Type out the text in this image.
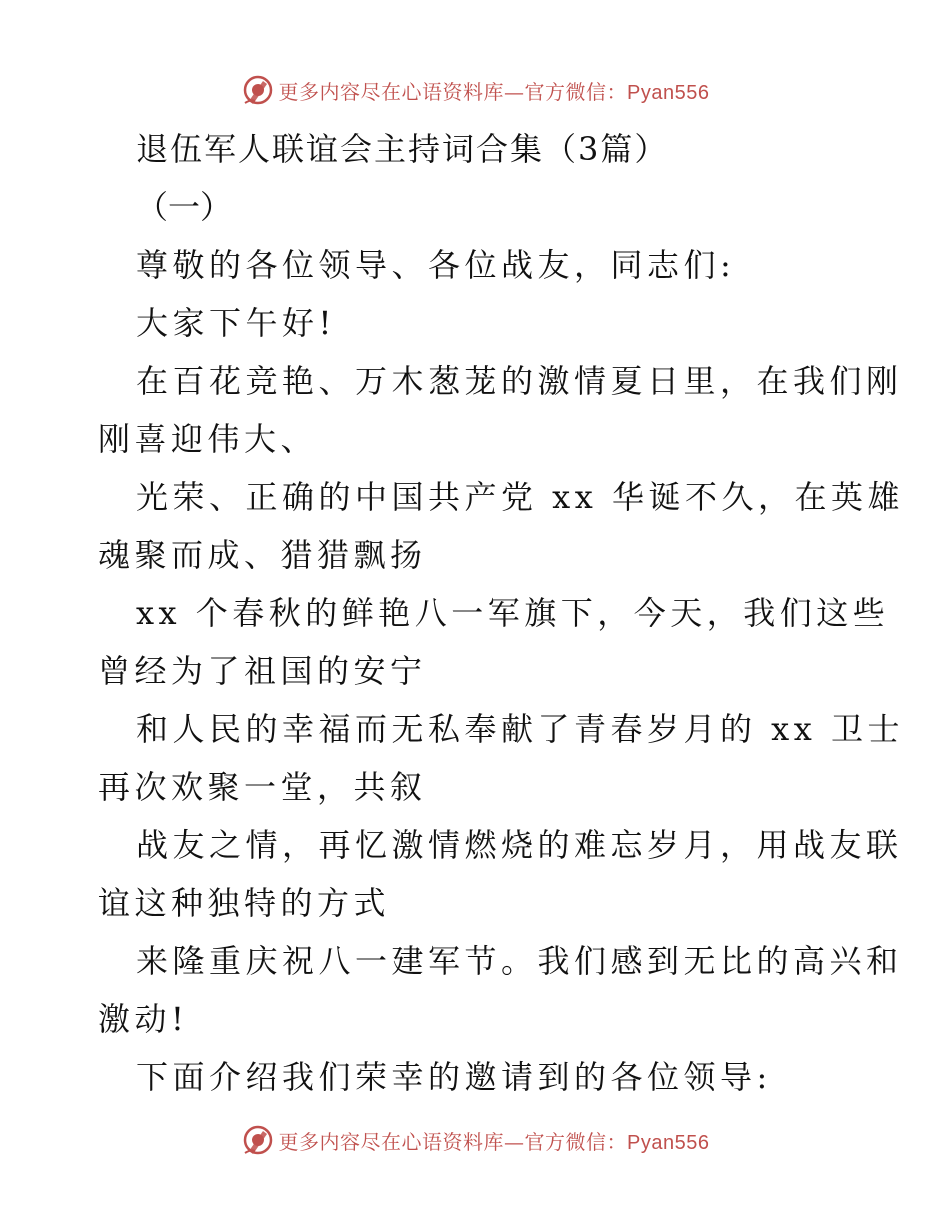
更多内容尽在心语资料库—官方微信：Pyan556

退伍军人联谊会主持词合集（3篇）

（一）

尊敬的各位领导、各位战友，同志们:

大家下午好!

在百花竞艳、万木葱茏的激情夏日里，在我们刚

刚喜迎伟大、

光荣、正确的中国共产党 xx 华诞不久，在英雄

魂聚而成、猎猎飘扬

xx 个春秋的鲜艳八一军旗下，今天，我们这些

曾经为了祖国的安宁

和人民的幸福而无私奉献了青春岁月的 xx 卫士

再次欢聚一堂，共叙

战友之情，再忆激情燃烧的难忘岁月，用战友联

谊这种独特的方式

来隆重庆祝八一建军节。我们感到无比的高兴和

激动!

下面介绍我们荣幸的邀请到的各位领导:

更多内容尽在心语资料库—官方微信：Pyan556
